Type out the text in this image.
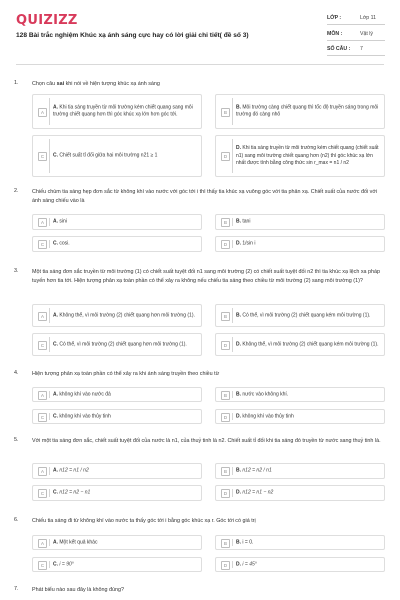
QUIZIZZ
128 Bài trắc nghiệm Khúc xạ ánh sáng cực hay có lời giải chi tiết( đề số 3)
LỚP :	Lớp 11
MÔN :	Vật lý
SỐ CÂU : 7
1.	Chọn câu sai khi nói về hiện tượng khúc xạ ánh sáng
A
A. Khi tia sáng truyền từ môi trường kém chiết quang sang môi trường chiết quang hơn thì góc khúc xạ lớn hơn góc tới.	B
B. Môi trường càng chiết quang thì tốc độ truyền sáng trong môi trường đó càng nhỏ
C	C. Chiết suất tỉ đối giữa hai môi trường n21 ≥ 1	D
D. Khi tia sáng truyền từ môi trường kém chiết quang (chiết suất n1) sang môi trường chiết quang hơn (n2) thì góc khúc xạ lớn nhất được tính bằng công thức sin r_max = n1 / n2
2.	Chiếu chùm tia sáng hẹp đơn sắc từ không khí vào nước với góc tới i thì thấy tia khúc xạ vuông góc với tia phản xạ. Chiết suất của nước đối với ánh sáng chiếu vào là
A	A. sini	B	B. tani
C	C. cosi.	D	D. 1/sin i
3.	Một tia sáng đơn sắc truyền từ môi trường (1) có chiết suất tuyệt đối n1 sang môi trường (2) có chiết suất tuyệt đối n2 thì tia khúc xạ lệch xa pháp tuyến hơn tia tới. Hiện tượng phản xạ toàn phần có thể xảy ra không nếu chiếu tia sáng theo chiều từ môi trường (2) sang môi trường (1)?
A	A. Không thể, vì môi trường (2) chiết quang hơn môi trường (1).	B	B. Có thể, vì môi trường (2) chiết quang kém môi trường (1).
C	C. Có thể, vì môi trường (2) chiết quang hơn môi trường (1).	D	D. Không thể, vì môi trường (2) chiết quang kém môi trường (1).
4.	Hiện tượng phản xạ toàn phần có thể xảy ra khi ánh sáng truyền theo chiều từ
A	A. không khí vào nước đá	B	B. nước vào không khí.
C	C. không khí vào thủy tinh	D	D. không khí vào thủy tinh
5.	Với một tia sáng đơn sắc, chiết suất tuyệt đối của nước là n1, của thuỷ tinh là n2. Chiết suất tỉ đối khi tia sáng đó truyền từ nước sang thuỷ tinh là.
A	A. n12 = n1 / n2	B	B. n12 = n2 / n1
C	C. n12 = n2 − n1	D	D. n12 = n1 − n2
6.	Chiếu tia sáng đi từ không khí vào nước ta thấy góc tới i bằng góc khúc xạ r. Góc tới có giá trị
A	A. Một kết quả khác	B	B. i = 0.
C	C. i = 90°	D	D. i = 45°
7.	Phát biểu nào sau đây là không đúng?
